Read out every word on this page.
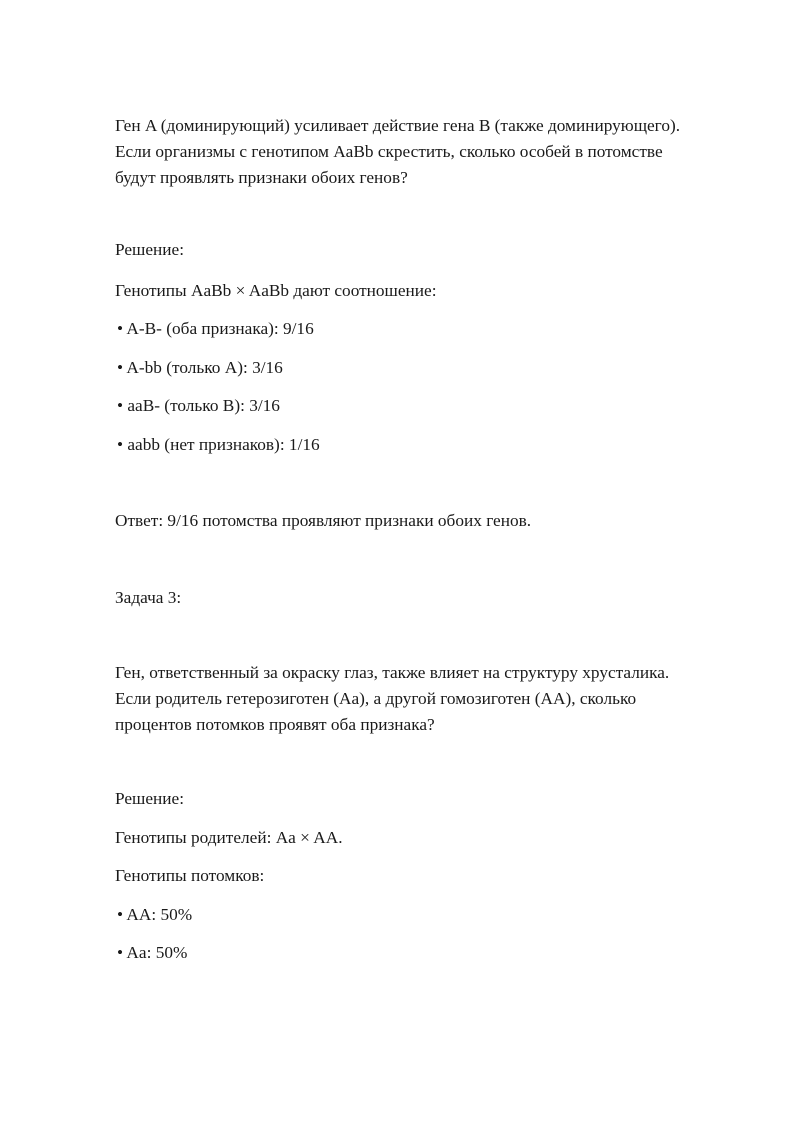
Ген A (доминирующий) усиливает действие гена B (также доминирующего).
Если организмы с генотипом AaBb скрестить, сколько особей в потомстве
будут проявлять признаки обоих генов?
Решение:
Генотипы AaBb × AaBb дают соотношение:
• A-B- (оба признака): 9/16
• A-bb (только A): 3/16
• aaB- (только B): 3/16
• aabb (нет признаков): 1/16
Ответ: 9/16 потомства проявляют признаки обоих генов.
Задача 3:
Ген, ответственный за окраску глаз, также влияет на структуру хрусталика.
Если родитель гетерозиготен (Aa), а другой гомозиготен (AA), сколько
процентов потомков проявят оба признака?
Решение:
Генотипы родителей: Aa × AA.
Генотипы потомков:
• AA: 50%
• Aa: 50%
